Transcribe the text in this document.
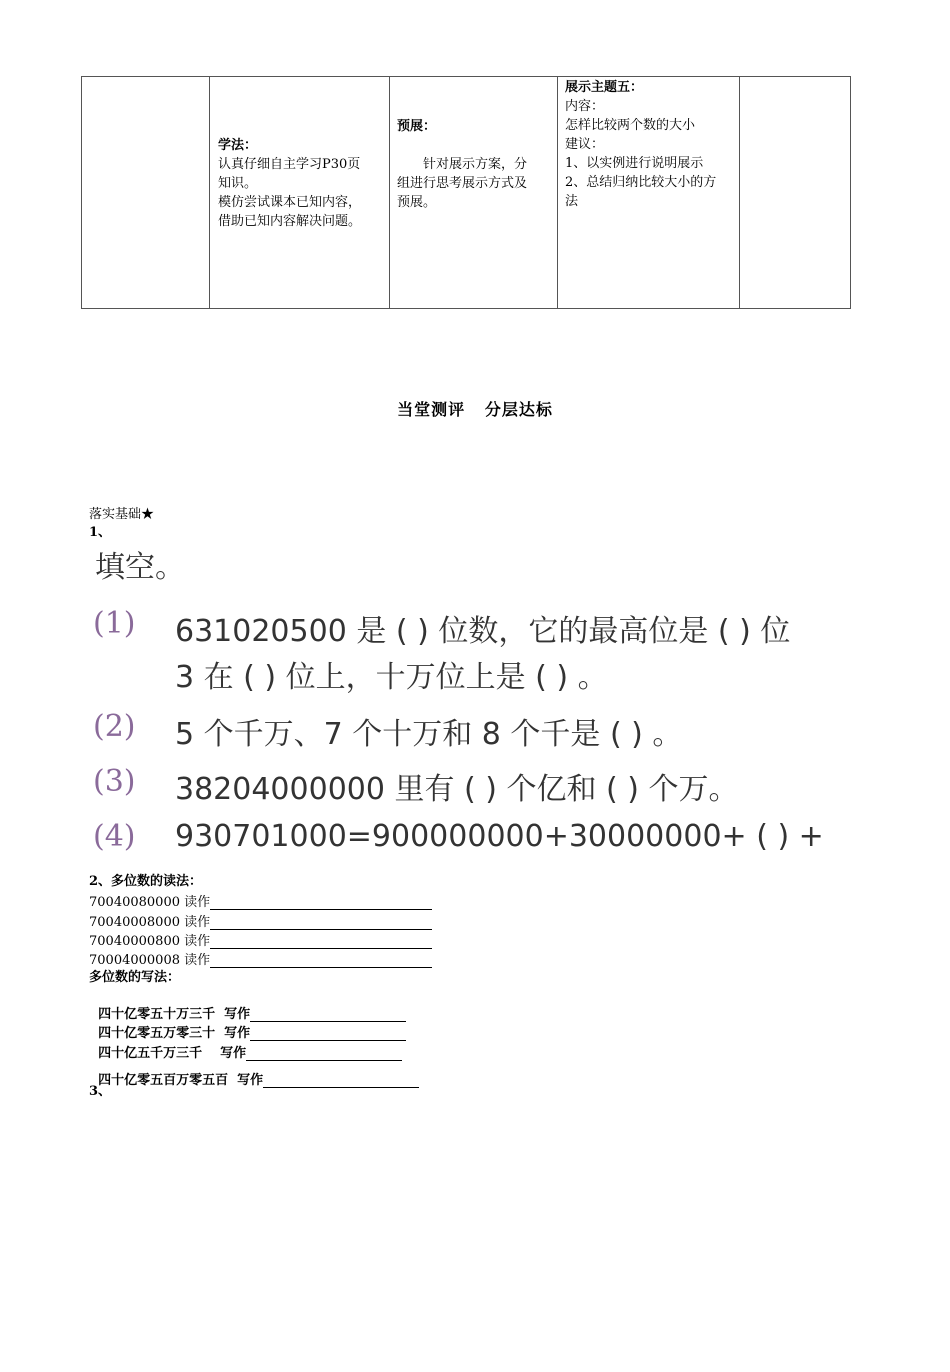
学法：
认真仔细自主学习P30页
知识。
模仿尝试课本已知内容，
借助已知内容解决问题。
预展：
针对展示方案，分
组进行思考展示方式及
预展。
展示主题五：
内容：
怎样比较两个数的大小
建议：
1、以实例进行说明展示
2、总结归纳比较大小的方
法
当堂测评   分层达标
落实基础★
1、
填空。
(1) 631020500 是 ( ) 位数，它的最高位是 ( ) 位
3 在 ( ) 位上，十万位上是 ( ) 。
(2) 5 个千万、7 个十万和 8 个千是 ( ) 。
(3) 38204000000 里有 ( ) 个亿和 ( ) 个万。
(4) 930701000=900000000+30000000+ ( ) +
2、多位数的读法：
70040080000 读作
70040008000 读作
70040000800 读作
70004000008 读作
多位数的写法：

四十亿零五十万三千  写作

四十亿零五万零三十  写作

四十亿五千万三千    写作

四十亿零五百万零五百  写作

3、
